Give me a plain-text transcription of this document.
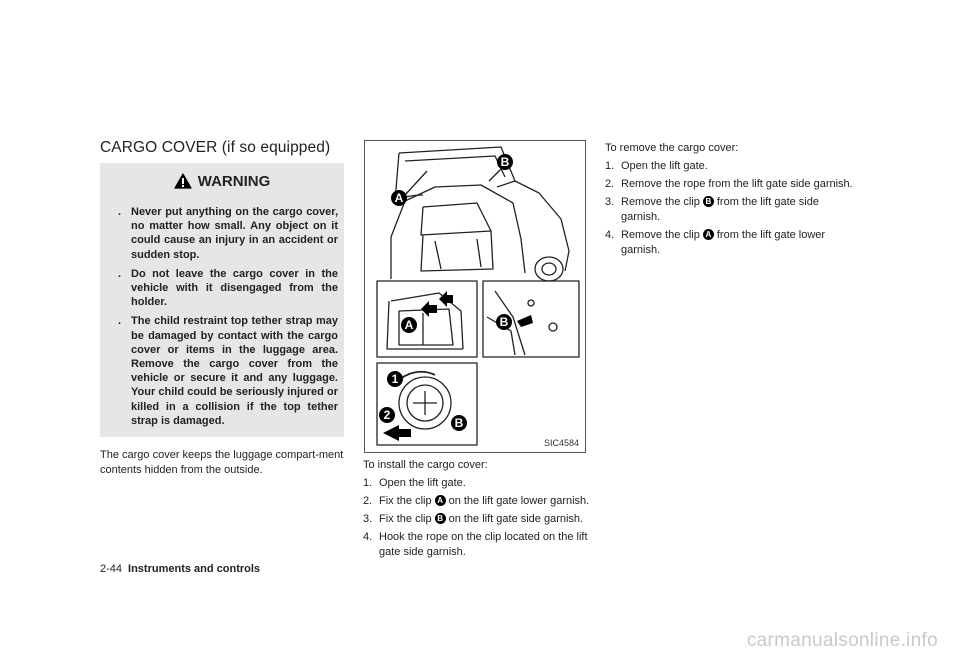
CARGO COVER (if so equipped)
WARNING
. Never put anything on the cargo cover, no matter how small. Any object on it could cause an injury in an accident or sudden stop.
. Do not leave the cargo cover in the vehicle with it disengaged from the holder.
. The child restraint top tether strap may be damaged by contact with the cargo cover or items in the luggage area. Remove the cargo cover from the vehicle or secure it and any luggage. Your child could be seriously injured or killed in a collision if the top tether strap is damaged.
The cargo cover keeps the luggage compart-ment contents hidden from the outside.
A
B
A	B
1
2
B
SIC4584

To install the cargo cover:

1. Open the lift gate.
2. Fix the clip A on the lift gate lower garnish.
3. Fix the clip B on the lift gate side garnish.
4. Hook the rope on the clip located on the lift gate side garnish.

To remove the cargo cover:

1. Open the lift gate.
2. Remove the rope from the lift gate side garnish.
3. Remove the clip B from the lift gate side garnish.
4. Remove the clip A from the lift gate lower garnish.
2-44 Instruments and controls
carmanualsonline.info
